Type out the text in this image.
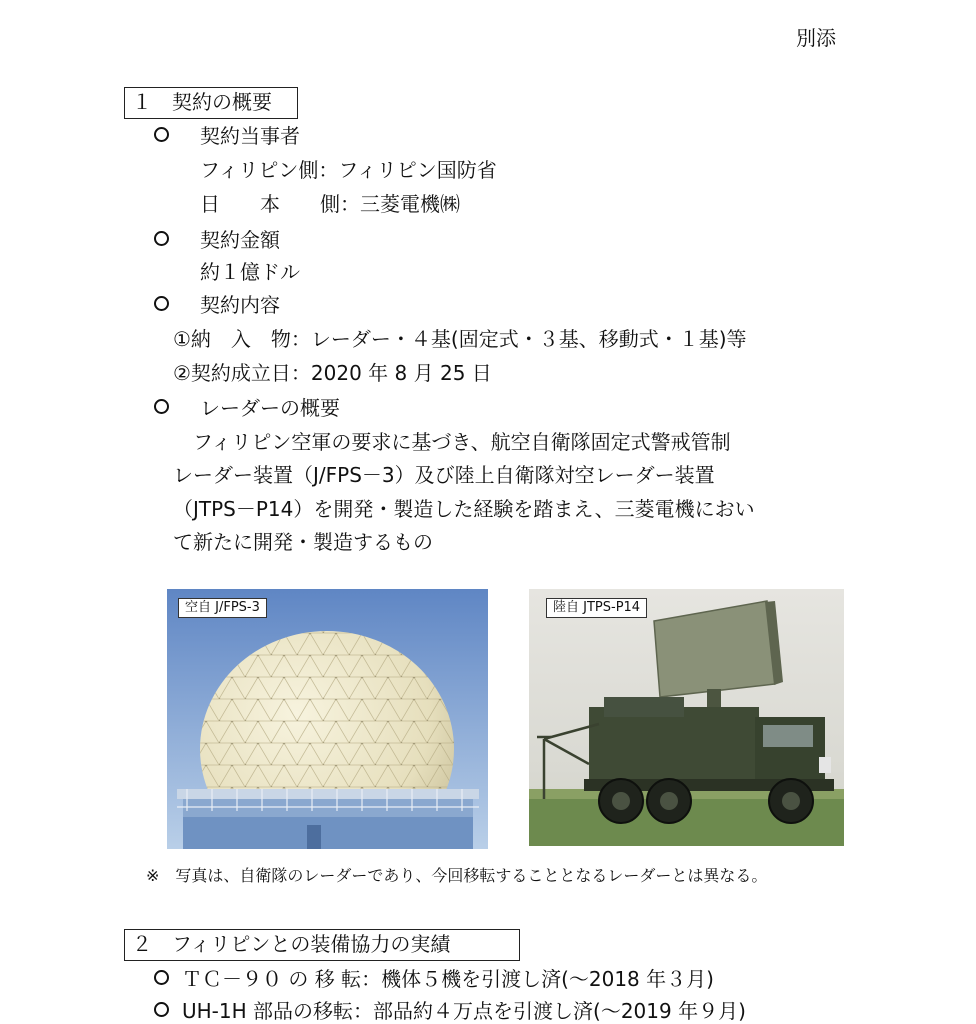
別添
１　契約の概要
契約当事者
フィリピン側：フィリピン国防省
日　　本　　側：三菱電機㈱
契約金額
約１億ドル
契約内容
①納　入　物：レーダー・４基(固定式・３基、移動式・１基)等
②契約成立日：2020 年 8 月 25 日
レーダーの概要
　フィリピン空軍の要求に基づき、航空自衛隊固定式警戒管制
レーダー装置（J/FPS－3）及び陸上自衛隊対空レーダー装置
（JTPS－P14）を開発・製造した経験を踏まえ、三菱電機におい
て新たに開発・製造するもの
空自 J/FPS-3	陸自 JTPS-P14
※　写真は、自衛隊のレーダーであり、今回移転することとなるレーダーとは異なる。
２　フィリピンとの装備協力の実績
ＴＣ－９０ の 移 転：機体５機を引渡し済(～2018 年３月)
UH-1H 部品の移転：部品約４万点を引渡し済(～2019 年９月)
